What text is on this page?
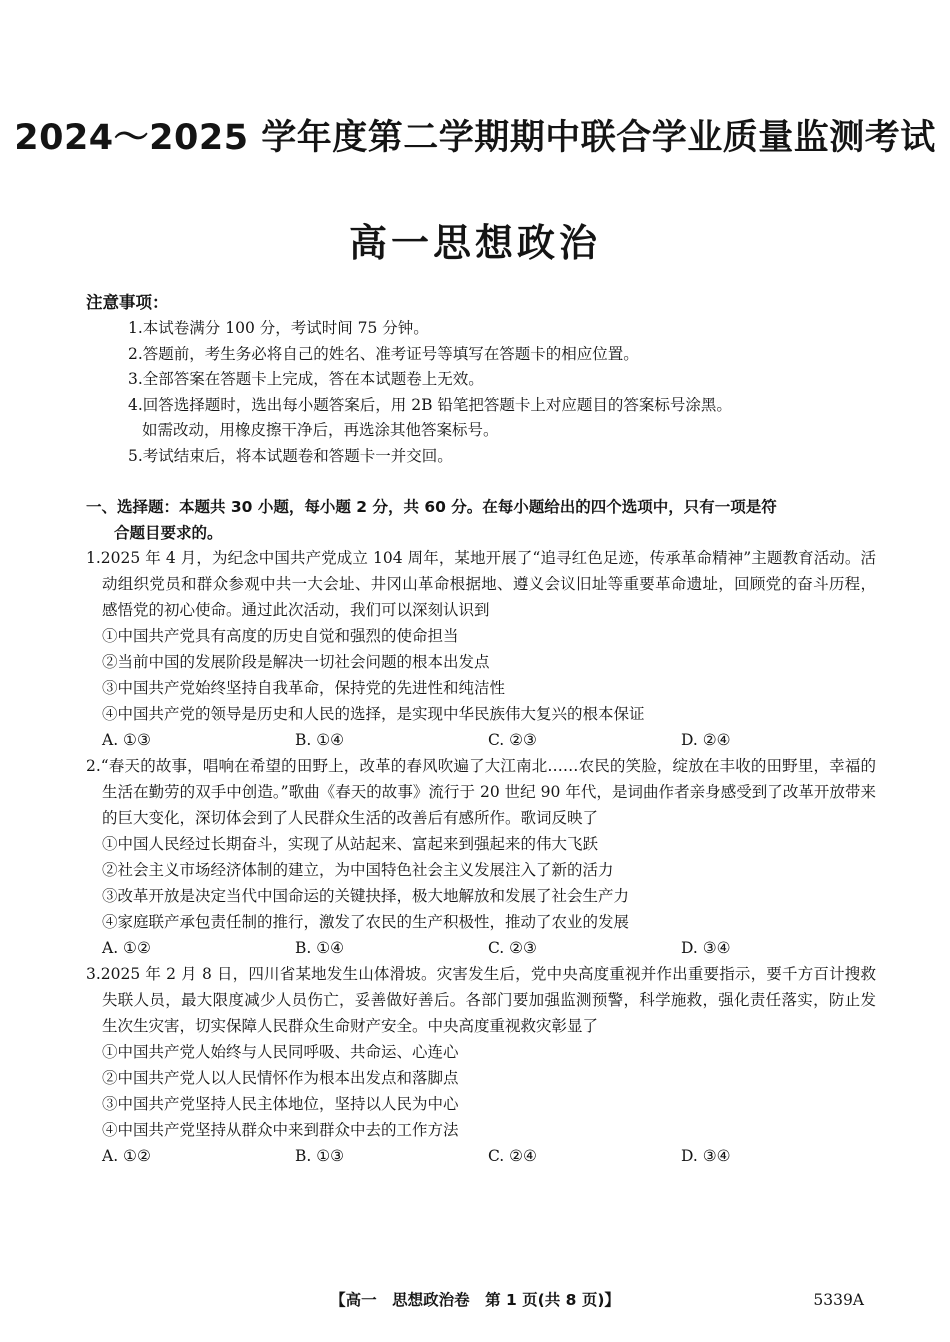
2024～2025 学年度第二学期期中联合学业质量监测考试
高一思想政治
注意事项：
1.本试卷满分 100 分，考试时间 75 分钟。
2.答题前，考生务必将自己的姓名、准考证号等填写在答题卡的相应位置。
3.全部答案在答题卡上完成，答在本试题卷上无效。
4.回答选择题时，选出每小题答案后，用 2B 铅笔把答题卡上对应题目的答案标号涂黑。
如需改动，用橡皮擦干净后，再选涂其他答案标号。
5.考试结束后，将本试题卷和答题卡一并交回。
一、选择题：本题共 30 小题，每小题 2 分，共 60 分。在每小题给出的四个选项中，只有一项是符
合题目要求的。
1.2025 年 4 月，为纪念中国共产党成立 104 周年，某地开展了“追寻红色足迹，传承革命精神”主题教育活动。活动组织党员和群众参观中共一大会址、井冈山革命根据地、遵义会议旧址等重要革命遗址，回顾党的奋斗历程，感悟党的初心使命。通过此次活动，我们可以深刻认识到
①中国共产党具有高度的历史自觉和强烈的使命担当
②当前中国的发展阶段是解决一切社会问题的根本出发点
③中国共产党始终坚持自我革命，保持党的先进性和纯洁性
④中国共产党的领导是历史和人民的选择，是实现中华民族伟大复兴的根本保证
A. ①③	B. ①④	C. ②③	D. ②④
2.“春天的故事，唱响在希望的田野上，改革的春风吹遍了大江南北……农民的笑脸，绽放在丰收的田野里，幸福的生活在勤劳的双手中创造。”歌曲《春天的故事》流行于 20 世纪 90 年代，是词曲作者亲身感受到了改革开放带来的巨大变化，深切体会到了人民群众生活的改善后有感所作。歌词反映了
①中国人民经过长期奋斗，实现了从站起来、富起来到强起来的伟大飞跃
②社会主义市场经济体制的建立，为中国特色社会主义发展注入了新的活力
③改革开放是决定当代中国命运的关键抉择，极大地解放和发展了社会生产力
④家庭联产承包责任制的推行，激发了农民的生产积极性，推动了农业的发展
A. ①②	B. ①④	C. ②③	D. ③④
3.2025 年 2 月 8 日，四川省某地发生山体滑坡。灾害发生后，党中央高度重视并作出重要指示，要千方百计搜救失联人员，最大限度减少人员伤亡，妥善做好善后。各部门要加强监测预警，科学施救，强化责任落实，防止发生次生灾害，切实保障人民群众生命财产安全。中央高度重视救灾彰显了
①中国共产党人始终与人民同呼吸、共命运、心连心
②中国共产党人以人民情怀作为根本出发点和落脚点
③中国共产党坚持人民主体地位，坚持以人民为中心
④中国共产党坚持从群众中来到群众中去的工作方法
A. ①②	B. ①③	C. ②④	D. ③④
【高一　思想政治卷　第 1 页(共 8 页)】	5339A
